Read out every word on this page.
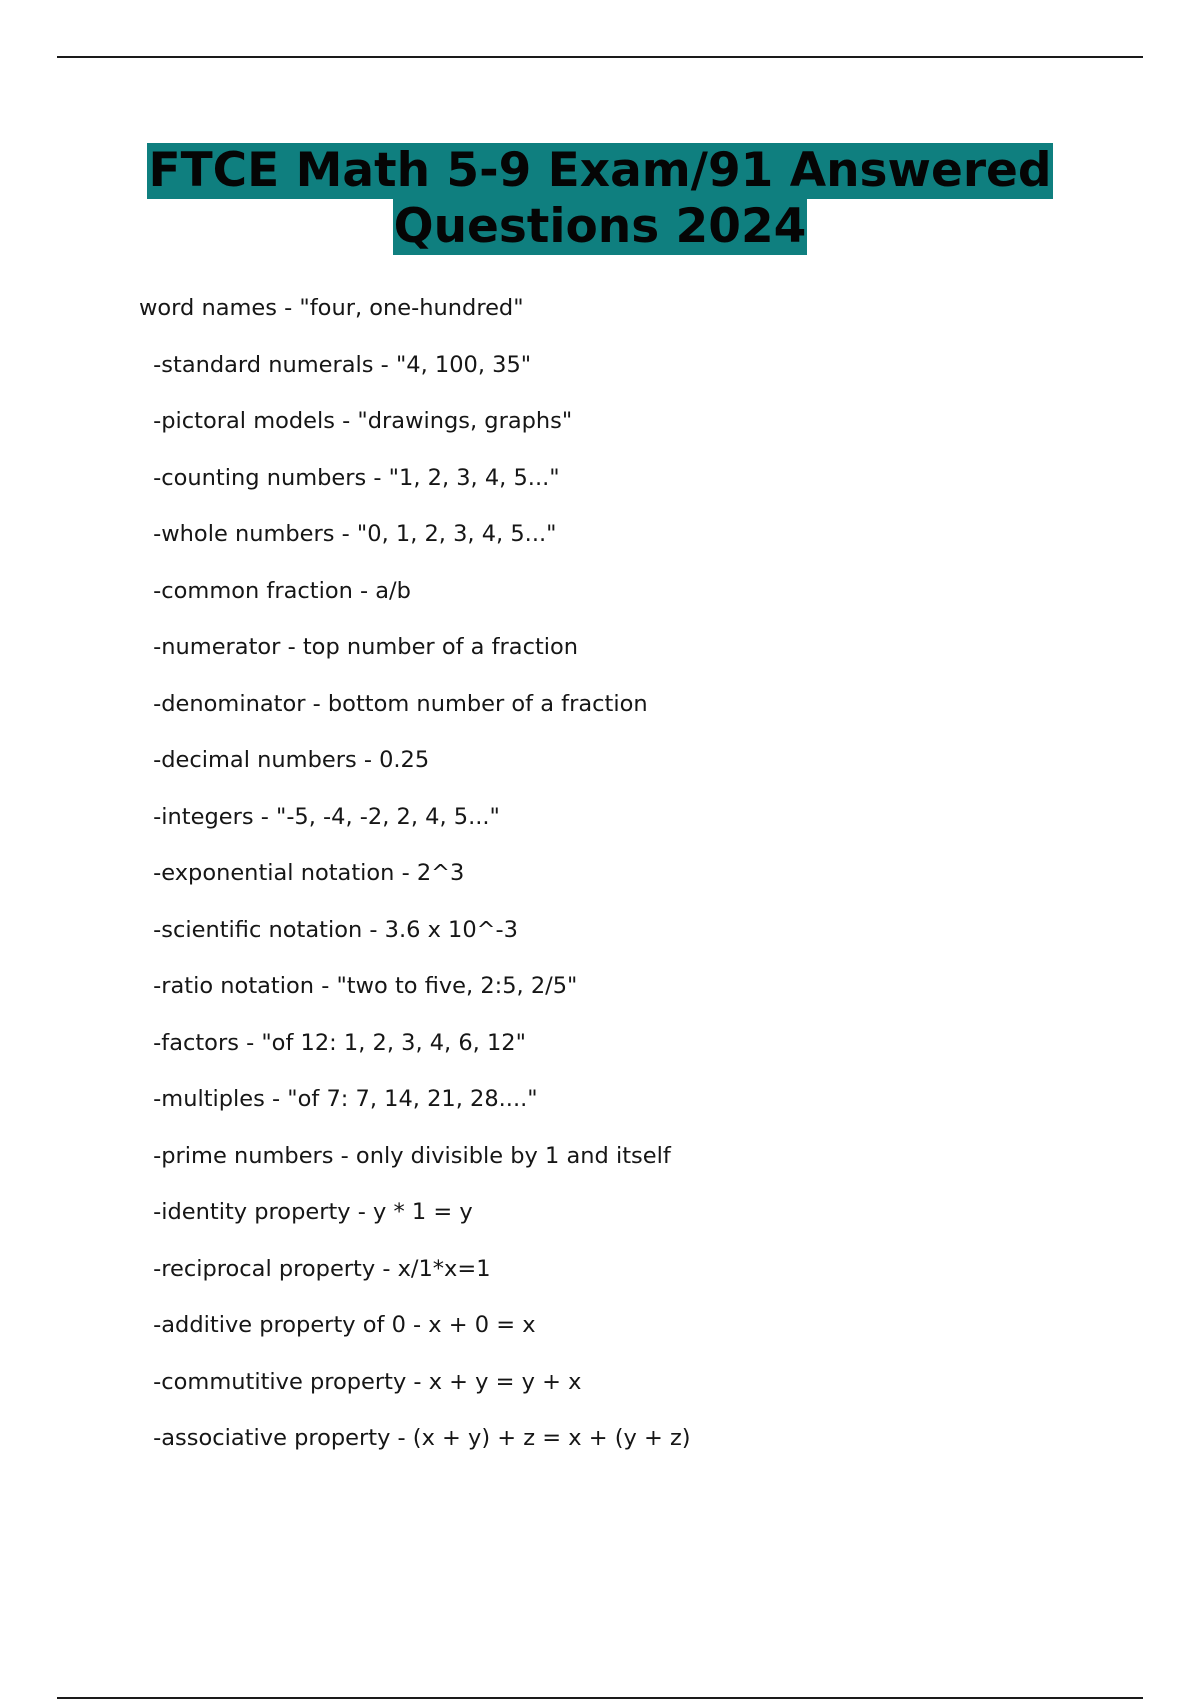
FTCE Math 5-9 Exam/91 Answered
Questions 2024
word names - "four, one-hundred"
-standard numerals - "4, 100, 35"
-pictoral models - "drawings, graphs"
-counting numbers - "1, 2, 3, 4, 5..."
-whole numbers - "0, 1, 2, 3, 4, 5..."
-common fraction - a/b
-numerator - top number of a fraction
-denominator - bottom number of a fraction
-decimal numbers - 0.25
-integers - "-5, -4, -2, 2, 4, 5..."
-exponential notation - 2^3
-scientific notation - 3.6 x 10^-3
-ratio notation - "two to five, 2:5, 2/5"
-factors - "of 12: 1, 2, 3, 4, 6, 12"
-multiples - "of 7: 7, 14, 21, 28...."
-prime numbers - only divisible by 1 and itself
-identity property - y * 1 = y
-reciprocal property - x/1*x=1
-additive property of 0 - x + 0 = x
-commutitive property - x + y = y + x
-associative property - (x + y) + z = x + (y + z)
